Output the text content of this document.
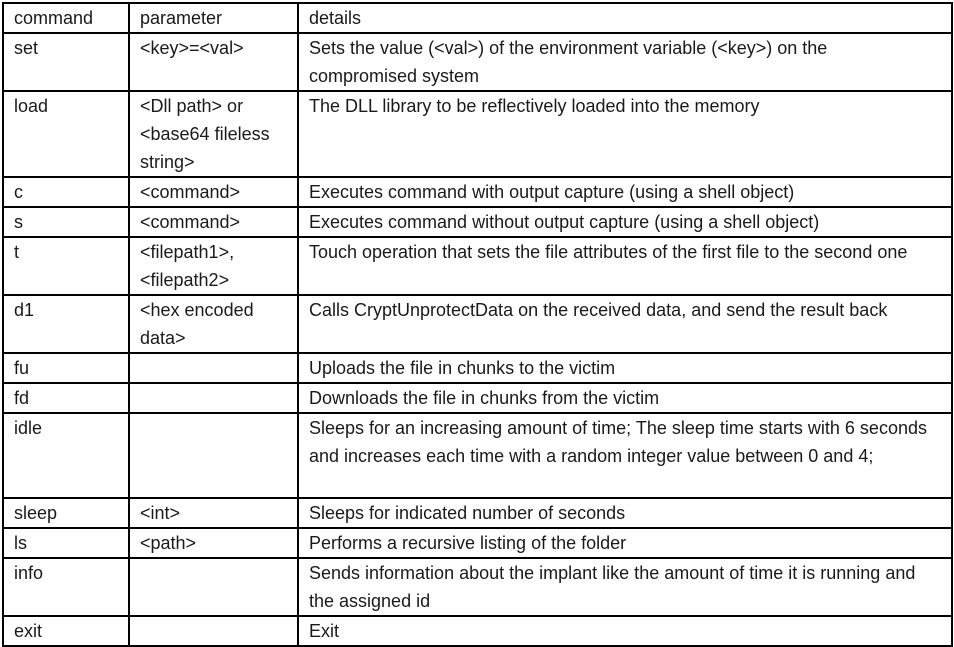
command	parameter	details
set	<key>=<val>	Sets the value (<val>) of the environment variable (<key>) on the compromised system
load	<Dll path> or <base64 fileless string>	The DLL library to be reflectively loaded into the memory
c	<command>	Executes command with output capture (using a shell object)
s	<command>	Executes command without output capture (using a shell object)
t	<filepath1>,<filepath2>	Touch operation that sets the file attributes of the first file to the second one
d1	<hex encoded data>	Calls CryptUnprotectData on the received data, and send the result back
fu		Uploads the file in chunks to the victim
fd		Downloads the file in chunks from the victim
idle		Sleeps for an increasing amount of time; The sleep time starts with 6 seconds and increases each time with a random integer value between 0 and 4;
sleep	<int>	Sleeps for indicated number of seconds
ls	<path>	Performs a recursive listing of the folder
info		Sends information about the implant like the amount of time it is running and the assigned id
exit		Exit
